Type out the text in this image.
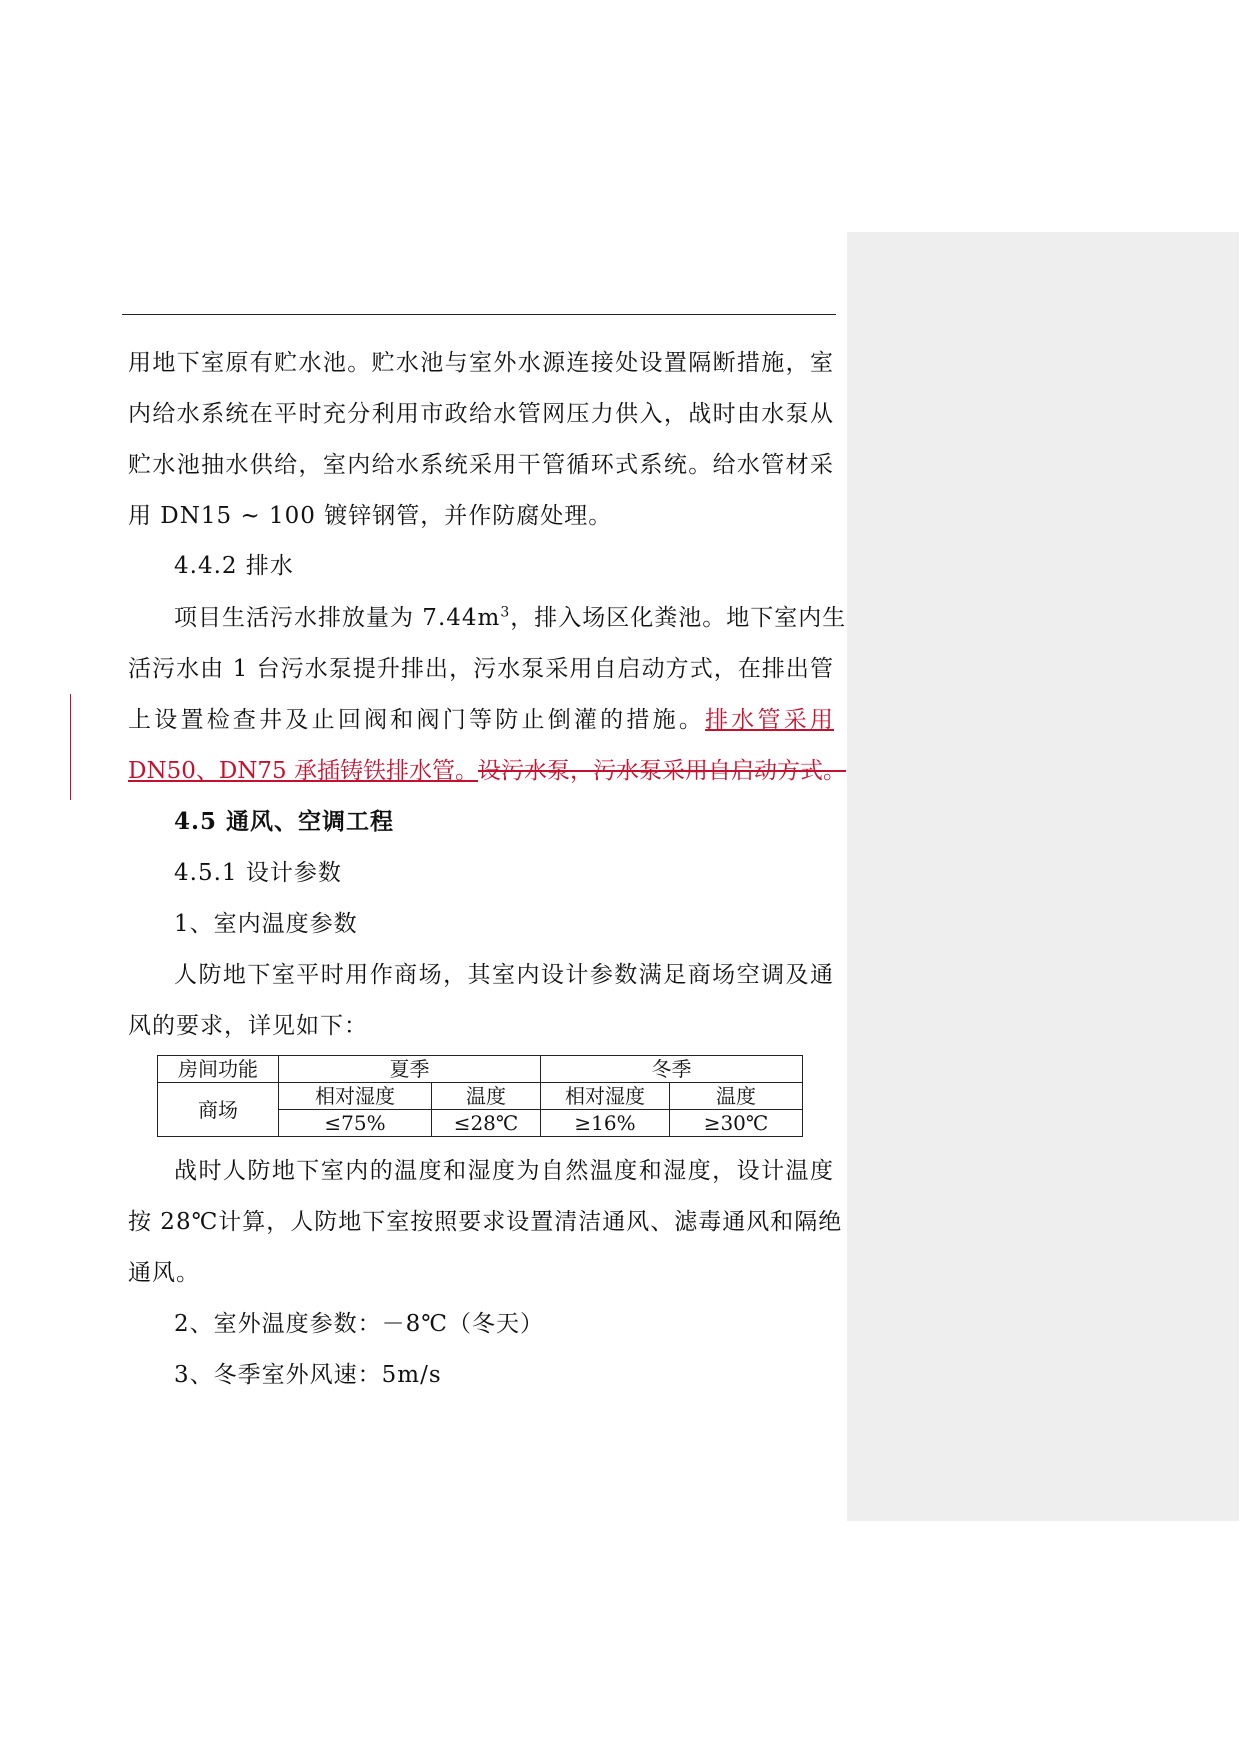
用地下室原有贮水池。贮水池与室外水源连接处设置隔断措施，室
内给水系统在平时充分利用市政给水管网压力供入，战时由水泵从
贮水池抽水供给，室内给水系统采用干管循环式系统。给水管材采
用 DN15 ~ 100 镀锌钢管，并作防腐处理。
4.4.2 排水
项目生活污水排放量为 $7.44m^3$，排入场区化粪池。地下室内生
活污水由 1 台污水泵提升排出，污水泵采用自启动方式，在排出管
上设置检查井及止回阀和阀门等防止倒灌的措施。排水管采用
DN50、DN75 承插铸铁排水管。设污水泵，污水泵采用自启动方式。
4.5 通风、空调工程
4.5.1 设计参数
1、室内温度参数
人防地下室平时用作商场，其室内设计参数满足商场空调及通
风的要求，详见如下：
房间功能	夏季		冬季	
商场	相对湿度	温度	相对湿度	温度
	≤75%	≤28℃	≥16%	≥30℃
战时人防地下室内的温度和湿度为自然温度和湿度，设计温度
按 28℃计算，人防地下室按照要求设置清洁通风、滤毒通风和隔绝
通风。
2、室外温度参数：－8℃（冬天）
3、冬季室外风速：5m/s
